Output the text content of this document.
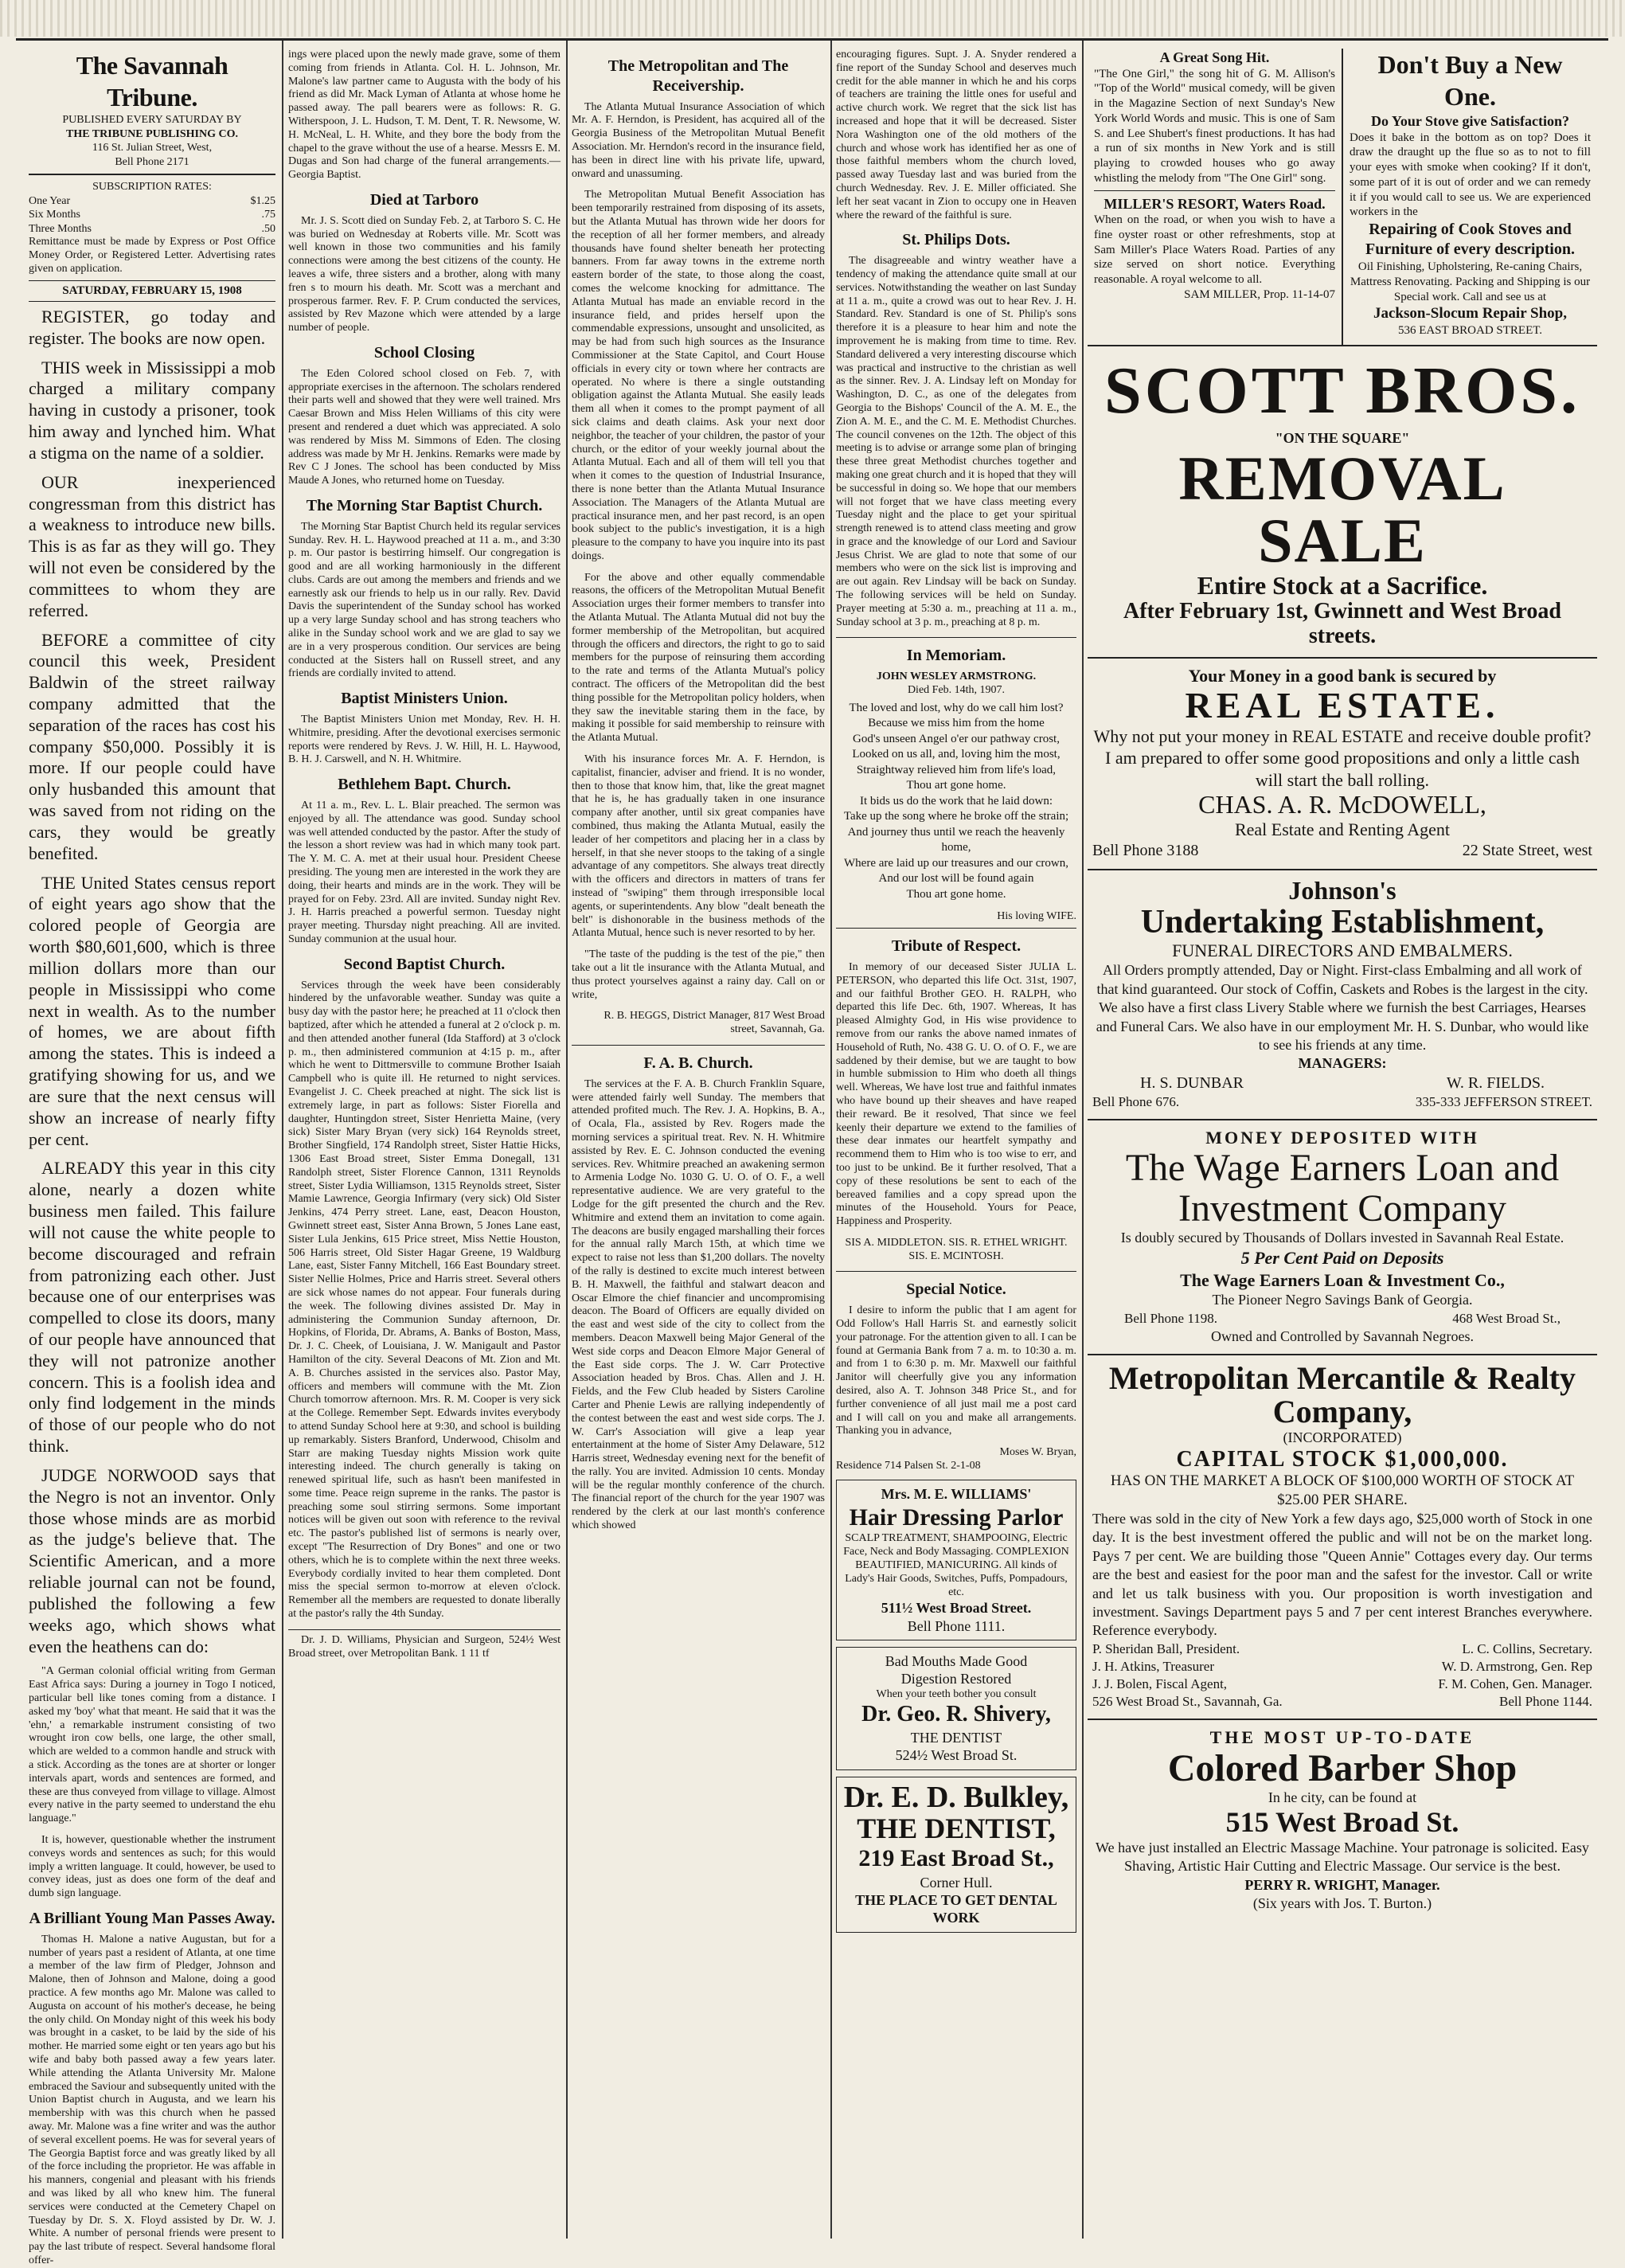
The Savannah Tribune.
PUBLISHED EVERY SATURDAY BY
THE TRIBUNE PUBLISHING CO.
116 St. Julian Street, West,
Bell Phone 2171
SUBSCRIPTION RATES:
One Year	$1.25
Six Months	.75
Three Months	.50
Remittance must be made by Express or Post Office Money Order, or Registered Letter. Advertising rates given on application.
SATURDAY, FEBRUARY 15, 1908

REGISTER, go today and register. The books are now open.

THIS week in Mississippi a mob charged a military company having in custody a prisoner, took him away and lynched him. What a stigma on the name of a soldier.

OUR inexperienced congressman from this district has a weakness to introduce new bills. This is as far as they will go. They will not even be considered by the committees to whom they are referred.

BEFORE a committee of city council this week, President Baldwin of the street railway company admitted that the separation of the races has cost his company $50,000. Possibly it is more. If our people could have only husbanded this amount that was saved from not riding on the cars, they would be greatly benefited.

THE United States census report of eight years ago show that the colored people of Georgia are worth $80,601,600, which is three million dollars more than our people in Mississippi who come next in wealth. As to the number of homes, we are about fifth among the states. This is indeed a gratifying showing for us, and we are sure that the next census will show an increase of nearly fifty per cent.

ALREADY this year in this city alone, nearly a dozen white business men failed. This failure will not cause the white people to become discouraged and refrain from patronizing each other. Just because one of our enterprises was compelled to close its doors, many of our people have announced that they will not patronize another concern. This is a foolish idea and only find lodgement in the minds of those of our people who do not think.

JUDGE NORWOOD says that the Negro is not an inventor. Only those whose minds are as morbid as the judge's believe that. The Scientific American, and a more reliable journal can not be found, published the following a few weeks ago, which shows what even the heathens can do:

"A German colonial official writing from German East Africa says: During a journey in Togo I noticed, particular bell like tones coming from a distance. I asked my 'boy' what that meant. He said that it was the 'ehn,' a remarkable instrument consisting of two wrought iron cow bells, one large, the other small, which are welded to a common handle and struck with a stick. According as the tones are at shorter or longer intervals apart, words and sentences are formed, and these are thus conveyed from village to village. Almost every native in the party seemed to understand the ehu language."

It is, however, questionable whether the instrument conveys words and sentences as such; for this would imply a written language. It could, however, be used to convey ideas, just as does one form of the deaf and dumb sign language.

A Brilliant Young Man Passes Away.

Thomas H. Malone a native Augustan, but for a number of years past a resident of Atlanta, at one time a member of the law firm of Pledger, Johnson and Malone, then of Johnson and Malone, doing a good practice. A few months ago Mr. Malone was called to Augusta on account of his mother's decease, he being the only child. On Monday night of this week his body was brought in a casket, to be laid by the side of his mother. He married some eight or ten years ago but his wife and baby both passed away a few years later. While attending the Atlanta University Mr. Malone embraced the Saviour and subsequently united with the Union Baptist church in Augusta, and we learn his membership with was this church when he passed away. Mr. Malone was a fine writer and was the author of several excellent poems. He was for several years of The Georgia Baptist force and was greatly liked by all of the force including the proprietor. He was affable in his manners, congenial and pleasant with his friends and was liked by all who knew him. The funeral services were conducted at the Cemetery Chapel on Tuesday by Dr. S. X. Floyd assisted by Dr. W. J. White. A number of personal friends were present to pay the last tribute of respect. Several handsome floral offer-

ings were placed upon the newly made grave, some of them coming from friends in Atlanta. Col. H. L. Johnson, Mr. Malone's law partner came to Augusta with the body of his friend as did Mr. Mack Lyman of Atlanta at whose home he passed away. The pall bearers were as follows: R. G. Witherspoon, J. L. Hudson, T. M. Dent, T. R. Newsome, W. H. McNeal, L. H. White, and they bore the body from the chapel to the grave without the use of a hearse. Messrs E. M. Dugas and Son had charge of the funeral arrangements.—Georgia Baptist.

Died at Tarboro

Mr. J. S. Scott died on Sunday Feb. 2, at Tarboro S. C. He was buried on Wednesday at Roberts ville. Mr. Scott was well known in those two communities and his family connections were among the best citizens of the county. He leaves a wife, three sisters and a brother, along with many fren s to mourn his death. Mr. Scott was a merchant and prosperous farmer. Rev. F. P. Crum conducted the services, assisted by Rev Mazone which were attended by a large number of people.

School Closing

The Eden Colored school closed on Feb. 7, with appropriate exercises in the afternoon. The scholars rendered their parts well and showed that they were well trained. Mrs Caesar Brown and Miss Helen Williams of this city were present and rendered a duet which was appreciated. A solo was rendered by Miss M. Simmons of Eden. The closing address was made by Mr H. Jenkins. Remarks were made by Rev C J Jones. The school has been conducted by Miss Maude A Jones, who returned home on Tuesday.

The Morning Star Baptist Church.

The Morning Star Baptist Church held its regular services Sunday. Rev. H. L. Haywood preached at 11 a. m., and 3:30 p. m. Our pastor is bestirring himself. Our congregation is good and are all working harmoniously in the different clubs. Cards are out among the members and friends and we earnestly ask our friends to help us in our rally. Rev. David Davis the superintendent of the Sunday school has worked up a very large Sunday school and has strong teachers who alike in the Sunday school work and we are glad to say we are in a very prosperous condition. Our services are being conducted at the Sisters hall on Russell street, and any friends are cordially invited to attend.

Baptist Ministers Union.

The Baptist Ministers Union met Monday, Rev. H. H. Whitmire, presiding. After the devotional exercises sermonic reports were rendered by Revs. J. W. Hill, H. L. Haywood, B. H. J. Carswell, and N. H. Whitmire.

Bethlehem Bapt. Church.

At 11 a. m., Rev. L. L. Blair preached. The sermon was enjoyed by all. The attendance was good. Sunday school was well attended conducted by the pastor. After the study of the lesson a short review was had in which many took part. The Y. M. C. A. met at their usual hour. President Cheese presiding. The young men are interested in the work they are doing, their hearts and minds are in the work. They will be prayed for on Feby. 23rd. All are invited. Sunday night Rev. J. H. Harris preached a powerful sermon. Tuesday night prayer meeting. Thursday night preaching. All are invited. Sunday communion at the usual hour.

Second Baptist Church.

Services through the week have been considerably hindered by the unfavorable weather. Sunday was quite a busy day with the pastor here; he preached at 11 o'clock then baptized, after which he attended a funeral at 2 o'clock p. m. and then attended another funeral (Ida Stafford) at 3 o'clock p. m., then administered communion at 4:15 p. m., after which he went to Dittmersville to commune Brother Isaiah Campbell who is quite ill. He returned to night services. Evangelist J. C. Cheek preached at night. The sick list is extremely large, in part as follows: Sister Fiorella and daughter, Huntingdon street, Sister Henrietta Maine, (very sick) Sister Mary Bryan (very sick) 164 Reynolds street, Brother Singfield, 174 Randolph street, Sister Hattie Hicks, 1306 East Broad street, Sister Emma Donegall, 131 Randolph street, Sister Florence Cannon, 1311 Reynolds street, Sister Lydia Williamson, 1315 Reynolds street, Sister Mamie Lawrence, Georgia Infirmary (very sick) Old Sister Jenkins, 474 Perry street. Lane, east, Deacon Houston, Gwinnett street east, Sister Anna Brown, 5 Jones Lane east, Sister Lula Jenkins, 615 Price street, Miss Nettie Houston, 506 Harris street, Old Sister Hagar Greene, 19 Waldburg Lane, east, Sister Fanny Mitchell, 166 East Boundary street. Sister Nellie Holmes, Price and Harris street. Several others are sick whose names do not appear. Four funerals during the week. The following divines assisted Dr. May in administering the Communion Sunday afternoon, Dr. Hopkins, of Florida, Dr. Abrams, A. Banks of Boston, Mass, Dr. J. C. Cheek, of Louisiana, J. W. Manigault and Pastor Hamilton of the city. Several Deacons of Mt. Zion and Mt. A. B. Churches assisted in the services also. Pastor May, officers and members will commune with the Mt. Zion Church tomorrow afternoon. Mrs. R. M. Cooper is very sick at the College. Remember Sept. Edwards invites everybody to attend Sunday School here at 9:30, and school is building up remarkably. Sisters Branford, Underwood, Chisolm and Starr are making Tuesday nights Mission work quite interesting indeed. The church generally is taking on renewed spiritual life, such as hasn't been manifested in some time. Peace reign supreme in the ranks. The pastor is preaching some soul stirring sermons. Some important notices will be given out soon with reference to the revival etc. The pastor's published list of sermons is nearly over, except "The Resurrection of Dry Bones" and one or two others, which he is to complete within the next three weeks. Everybody cordially invited to hear them completed. Dont miss the special sermon to-morrow at eleven o'clock. Remember all the members are requested to donate liberally at the pastor's rally the 4th Sunday.

Dr. J. D. Williams, Physician and Surgeon, 524½ West Broad street, over Metropolitan Bank. 1 11 tf

The Metropolitan and The Receivership.

The Atlanta Mutual Insurance Association of which Mr. A. F. Herndon, is President, has acquired all of the Georgia Business of the Metropolitan Mutual Benefit Association. Mr. Herndon's record in the insurance field, has been in direct line with his private life, upward, onward and unassuming.

The Metropolitan Mutual Benefit Association has been temporarily restrained from disposing of its assets, but the Atlanta Mutual has thrown wide her doors for the reception of all her former members, and already thousands have found shelter beneath her protecting banners. From far away towns in the extreme north eastern border of the state, to those along the coast, comes the welcome knocking for admittance. The Atlanta Mutual has made an enviable record in the insurance field, and prides herself upon the commendable expressions, unsought and unsolicited, as may be had from such high sources as the Insurance Commissioner at the State Capitol, and Court House officials in every city or town where her contracts are operated. No where is there a single outstanding obligation against the Atlanta Mutual. She easily leads them all when it comes to the prompt payment of all sick claims and death claims. Ask your next door neighbor, the teacher of your children, the pastor of your church, or the editor of your weekly journal about the Atlanta Mutual. Each and all of them will tell you that when it comes to the question of Industrial Insurance, there is none better than the Atlanta Mutual Insurance Association. The Managers of the Atlanta Mutual are practical insurance men, and her past record, is an open book subject to the public's investigation, it is a high pleasure to the company to have you inquire into its past doings.

For the above and other equally commendable reasons, the officers of the Metropolitan Mutual Benefit Association urges their former members to transfer into the Atlanta Mutual. The Atlanta Mutual did not buy the former membership of the Metropolitan, but acquired through the officers and directors, the right to go to said members for the purpose of reinsuring them according to the rate and terms of the Atlanta Mutual's policy contract. The officers of the Metropolitan did the best thing possible for the Metropolitan policy holders, when they saw the inevitable staring them in the face, by making it possible for said membership to reinsure with the Atlanta Mutual.

With his insurance forces Mr. A. F. Herndon, is capitalist, financier, adviser and friend. It is no wonder, then to those that know him, that, like the great magnet that he is, he has gradually taken in one insurance company after another, until six great companies have combined, thus making the Atlanta Mutual, easily the leader of her competitors and placing her in a class by herself, in that she never stoops to the taking of a single advantage of any competitors. She always treat directly with the officers and directors in matters of trans fer instead of "swiping" them through irresponsible local agents, or superintendents. Any blow "dealt beneath the belt" is dishonorable in the business methods of the Atlanta Mutual, hence such is never resorted to by her.

"The taste of the pudding is the test of the pie," then take out a lit tle insurance with the Atlanta Mutual, and thus protect yourselves against a rainy day. Call on or write,

R. B. HEGGS, District Manager, 817 West Broad street, Savannah, Ga.

F. A. B. Church.

The services at the F. A. B. Church Franklin Square, were attended fairly well Sunday. The members that attended profited much. The Rev. J. A. Hopkins, B. A., of Ocala, Fla., assisted by Rev. Rogers made the morning services a spiritual treat. Rev. N. H. Whitmire assisted by Rev. E. C. Johnson conducted the evening services. Rev. Whitmire preached an awakening sermon to Armenia Lodge No. 1030 G. U. O. of O. F., a well representative audience. We are very grateful to the Lodge for the gift presented the church and the Rev. Whitmire and extend them an invitation to come again. The deacons are busily engaged marshalling their forces for the annual rally March 15th, at which time we expect to raise not less than $1,200 dollars. The novelty of the rally is destined to excite much interest between B. H. Maxwell, the faithful and stalwart deacon and Oscar Elmore the chief financier and uncompromising deacon. The Board of Officers are equally divided on the east and west side of the city to collect from the members. Deacon Maxwell being Major General of the West side corps and Deacon Elmore Major General of the East side corps. The J. W. Carr Protective Association headed by Bros. Chas. Allen and J. H. Fields, and the Few Club headed by Sisters Caroline Carter and Phenie Lewis are rallying independently of the contest between the east and west side corps. The J. W. Carr's Association will give a leap year entertainment at the home of Sister Amy Delaware, 512 Harris street, Wednesday evening next for the benefit of the rally. You are invited. Admission 10 cents. Monday will be the regular monthly conference of the church. The financial report of the church for the year 1907 was rendered by the clerk at our last month's conference which showed

encouraging figures. Supt. J. A. Snyder rendered a fine report of the Sunday School and deserves much credit for the able manner in which he and his corps of teachers are training the little ones for useful and active church work. We regret that the sick list has increased and hope that it will be decreased. Sister Nora Washington one of the old mothers of the church and whose work has identified her as one of those faithful members whom the church loved, passed away Tuesday last and was buried from the church Wednesday. Rev. J. E. Miller officiated. She left her seat vacant in Zion to occupy one in Heaven where the reward of the faithful is sure.

St. Philips Dots.

The disagreeable and wintry weather have a tendency of making the attendance quite small at our services. Notwithstanding the weather on last Sunday at 11 a. m., quite a crowd was out to hear Rev. J. H. Standard. Rev. Standard is one of St. Philip's sons therefore it is a pleasure to hear him and note the improvement he is making from time to time. Rev. Standard delivered a very interesting discourse which was practical and instructive to the christian as well as the sinner. Rev. J. A. Lindsay left on Monday for Washington, D. C., as one of the delegates from Georgia to the Bishops' Council of the A. M. E., the Zion A. M. E., and the C. M. E. Methodist Churches. The council convenes on the 12th. The object of this meeting is to advise or arrange some plan of bringing these three great Methodist churches together and making one great church and it is hoped that they will be successful in doing so. We hope that our members will not forget that we have class meeting every Tuesday night and the place to get your spiritual strength renewed is to attend class meeting and grow in grace and the knowledge of our Lord and Saviour Jesus Christ. We are glad to note that some of our members who were on the sick list is improving and are out again. Rev Lindsay will be back on Sunday. The following services will be held on Sunday. Prayer meeting at 5:30 a. m., preaching at 11 a. m., Sunday school at 3 p. m., preaching at 8 p. m.

In Memoriam.
JOHN WESLEY ARMSTRONG.
Died Feb. 14th, 1907.
The loved and lost, why do we call him lost?
Because we miss him from the home
God's unseen Angel o'er our pathway crost,
Looked on us all, and, loving him the most,
Straightway relieved him from life's load,
Thou art gone home.
It bids us do the work that he laid down:
Take up the song where he broke off the strain;
And journey thus until we reach the heavenly home,
Where are laid up our treasures and our crown,
And our lost will be found again
Thou art gone home.
His loving WIFE.
Tribute of Respect.

In memory of our deceased Sister JULIA L. PETERSON, who departed this life Oct. 31st, 1907, and our faithful Brother GEO. H. RALPH, who departed this life Dec. 6th, 1907. Whereas, It has pleased Almighty God, in His wise providence to remove from our ranks the above named inmates of Household of Ruth, No. 438 G. U. O. of O. F., we are saddened by their demise, but we are taught to bow in humble submission to Him who doeth all things well. Whereas, We have lost true and faithful inmates who have bound up their sheaves and have reaped their reward. Be it resolved, That since we feel keenly their departure we extend to the families of these dear inmates our heartfelt sympathy and recommend them to Him who is too wise to err, and too just to be unkind. Be it further resolved, That a copy of these resolutions be sent to each of the bereaved families and a copy spread upon the minutes of the Household. Yours for Peace, Happiness and Prosperity.

SIS A. MIDDLETON. SIS. R. ETHEL WRIGHT. SIS. E. MCINTOSH.

Special Notice.

I desire to inform the public that I am agent for Odd Follow's Hall Harris St. and earnestly solicit your patronage. For the attention given to all. I can be found at Germania Bank from 7 a. m. to 10:30 a. m. and from 1 to 6:30 p. m. Mr. Maxwell our faithful Janitor will cheerfully give you any information desired, also A. T. Johnson 348 Price St., and for further convenience of all just mail me a post card and I will call on you and make all arrangements. Thanking you in advance,

Moses W. Bryan,
Residence 714 Palsen St. 2-1-08
Mrs. M. E. WILLIAMS'
Hair Dressing Parlor
SCALP TREATMENT, SHAMPOOING, Electric Face, Neck and Body Massaging. COMPLEXION BEAUTIFIED, MANICURING. All kinds of Lady's Hair Goods, Switches, Puffs, Pompadours, etc.
511½ West Broad Street.
Bell Phone 1111.
Bad Mouths Made Good
Digestion Restored
When your teeth bother you consult
Dr. Geo. R. Shivery,
THE DENTIST
524½ West Broad St.
Dr. E. D. Bulkley,
THE DENTIST,
219 East Broad St.,
Corner Hull.
THE PLACE TO GET DENTAL WORK
A Great Song Hit.
"The One Girl," the song hit of G. M. Allison's "Top of the World" musical comedy, will be given in the Magazine Section of next Sunday's New York World Words and music. This is one of Sam S. and Lee Shubert's finest productions. It has had a run of six months in New York and is still playing to crowded houses who go away whistling the melody from "The One Girl" song.
MILLER'S RESORT, Waters Road.
When on the road, or when you wish to have a fine oyster roast or other refreshments, stop at Sam Miller's Place Waters Road. Parties of any size served on short notice. Everything reasonable. A royal welcome to all.
SAM MILLER, Prop. 11-14-07
Don't Buy a New One.
Do Your Stove give Satisfaction?
Does it bake in the bottom as on top? Does it draw the draught up the flue so as to not to fill your eyes with smoke when cooking? If it don't, some part of it is out of order and we can remedy it if you would call to see us. We are experienced workers in the
Repairing of Cook Stoves and Furniture of every description.
Oil Finishing, Upholstering, Re-caning Chairs, Mattress Renovating. Packing and Shipping is our Special work. Call and see us at
Jackson-Slocum Repair Shop,
536 EAST BROAD STREET.
SCOTT BROS.
"ON THE SQUARE"
REMOVAL SALE
Entire Stock at a Sacrifice.
After February 1st, Gwinnett and West Broad streets.
Your Money in a good bank is secured by
REAL ESTATE.
Why not put your money in REAL ESTATE and receive double profit? I am prepared to offer some good propositions and only a little cash will start the ball rolling.
CHAS. A. R. McDOWELL,
Real Estate and Renting Agent
Bell Phone 3188	22 State Street, west
Johnson's
Undertaking Establishment,
FUNERAL DIRECTORS AND EMBALMERS.
All Orders promptly attended, Day or Night. First-class Embalming and all work of that kind guaranteed. Our stock of Coffin, Caskets and Robes is the largest in the city. We also have a first class Livery Stable where we furnish the best Carriages, Hearses and Funeral Cars. We also have in our employment Mr. H. S. Dunbar, who would like to see his friends at any time.
MANAGERS:
H. S. DUNBAR	W. R. FIELDS.
Bell Phone 676.	335-333 JEFFERSON STREET.
MONEY DEPOSITED WITH
The Wage Earners Loan and Investment Company
Is doubly secured by Thousands of Dollars invested in Savannah Real Estate.
5 Per Cent Paid on Deposits
The Wage Earners Loan & Investment Co.,
The Pioneer Negro Savings Bank of Georgia.
Bell Phone 1198.	468 West Broad St.,
Owned and Controlled by Savannah Negroes.
Metropolitan Mercantile & Realty Company,
(INCORPORATED)
CAPITAL STOCK $1,000,000.
HAS ON THE MARKET A BLOCK OF $100,000 WORTH OF STOCK AT $25.00 PER SHARE.
There was sold in the city of New York a few days ago, $25,000 worth of Stock in one day. It is the best investment offered the public and will not be on the market long. Pays 7 per cent. We are building those "Queen Annie" Cottages every day. Our terms are the best and easiest for the poor man and the safest for the investor. Call or write and let us talk business with you. Our proposition is worth investigation and investment. Savings Department pays 5 and 7 per cent interest Branches everywhere. Reference everybody.
P. Sheridan Ball, President.	L. C. Collins, Secretary.
J. H. Atkins, Treasurer	W. D. Armstrong, Gen. Rep
J. J. Bolen, Fiscal Agent,	F. M. Cohen, Gen. Manager.
526 West Broad St., Savannah, Ga.	Bell Phone 1144.
THE MOST UP-TO-DATE
Colored Barber Shop
In he city, can be found at
515 West Broad St.
We have just installed an Electric Massage Machine. Your patronage is solicited. Easy Shaving, Artistic Hair Cutting and Electric Massage. Our service is the best.
PERRY R. WRIGHT, Manager.
(Six years with Jos. T. Burton.)
